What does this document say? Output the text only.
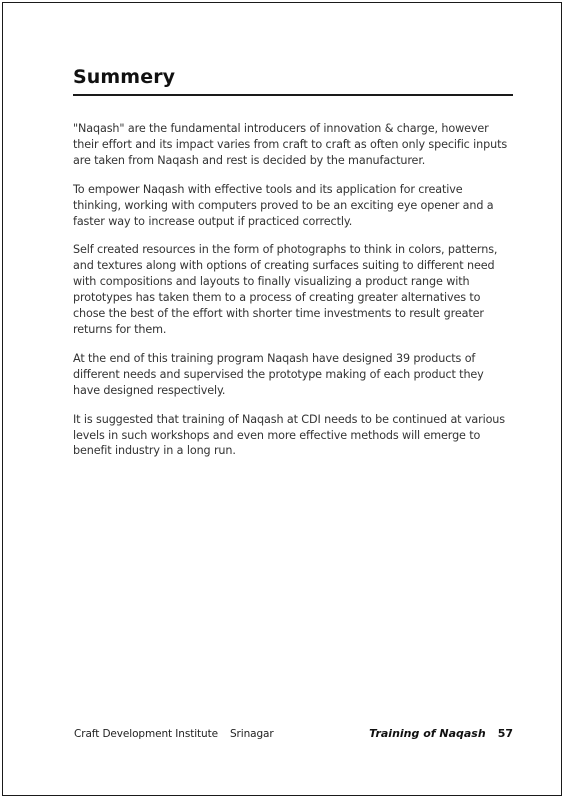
Summery

"Naqash" are the fundamental introducers of innovation & charge, however their effort and its impact varies from craft to craft as often only specific inputs are taken from Naqash and rest is decided by the manufacturer.

To empower Naqash with effective tools and its application for creative thinking, working with computers proved to be an exciting eye opener and a faster way to increase output if practiced correctly.

Self created resources in the form of photographs to think in colors, patterns, and textures along with options of creating surfaces suiting to different need with compositions and layouts to finally visualizing a product range with prototypes has taken them to a process of creating greater alternatives to chose the best of the effort with shorter time investments to result greater returns for them.

At the end of this training program Naqash have designed 39 products of different needs and supervised the prototype making of each product they have designed respectively.

It is suggested that training of Naqash at CDI needs to be continued at various levels in such workshops and even more effective methods will emerge to benefit industry in a long run.

Craft Development Institute Srinagar	Training of Naqash 57
